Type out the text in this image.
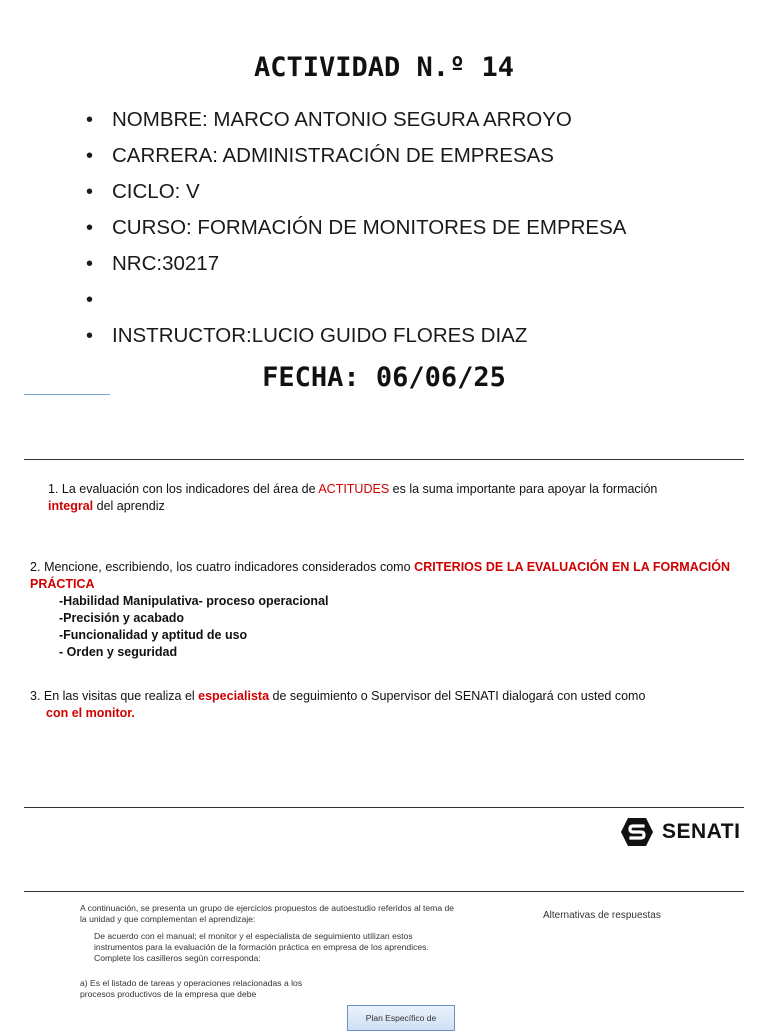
ACTIVIDAD N.º 14
• NOMBRE: MARCO ANTONIO SEGURA ARROYO
• CARRERA: ADMINISTRACIÓN DE EMPRESAS
• CICLO: V
• CURSO: FORMACIÓN DE MONITORES DE EMPRESA
• NRC:30217
•
• INSTRUCTOR:LUCIO GUIDO FLORES DIAZ
FECHA: 06/06/25
1. La evaluación con los indicadores del área de ACTITUDES es la suma importante para apoyar la formación
integral del aprendiz
2. Mencione, escribiendo, los cuatro indicadores considerados como CRITERIOS DE LA EVALUACIÓN EN LA FORMACIÓN PRÁCTICA
-Habilidad Manipulativa- proceso operacional
-Precisión y acabado
-Funcionalidad y aptitud de uso
- Orden y seguridad
3. En las visitas que realiza el especialista de seguimiento o Supervisor del SENATI dialogará con usted como
con el monitor.
SENATI

A continuación, se presenta un grupo de ejercicios propuestos de autoestudio referidos al tema de la unidad y que complementan el aprendizaje:

De acuerdo con el manual; el monitor y el especialista de seguimiento utilizan estos instrumentos para la evaluación de la formación práctica en empresa de los aprendices. Complete los casilleros según corresponda:

a) Es el listado de tareas y operaciones relacionadas a los procesos productivos de la empresa que debe

Alternativas de respuestas
Plan Específico de
